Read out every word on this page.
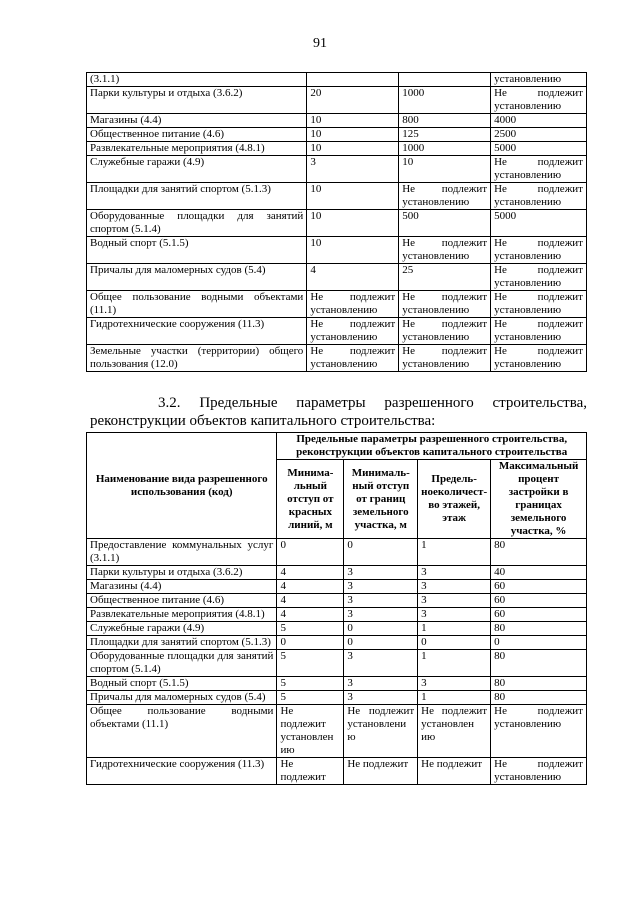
91
(3.1.1)			установлению
Парки культуры и отдыха (3.6.2)	20	1000	Не подлежит установлению
Магазины (4.4)	10	800	4000
Общественное питание (4.6)	10	125	2500
Развлекательные мероприятия (4.8.1)	10	1000	5000
Служебные гаражи (4.9)	3	10	Не подлежит установлению
Площадки для занятий спортом (5.1.3)	10	Не подлежит установлению	Не подлежит установлению
Оборудованные площадки для занятий спортом (5.1.4)	10	500	5000
Водный спорт (5.1.5)	10	Не подлежит установлению	Не подлежит установлению
Причалы для маломерных судов (5.4)	4	25	Не подлежит установлению
Общее пользование водными объектами (11.1)	Не подлежит установлению	Не подлежит установлению	Не подлежит установлению
Гидротехнические сооружения (11.3)	Не подлежит установлению	Не подлежит установлению	Не подлежит установлению
Земельные участки (территории) общего пользования (12.0)	Не подлежит установлению	Не подлежит установлению	Не подлежит установлению
3.2. Предельные параметры разрешенного строительства,
реконструкции объектов капитального строительства:
Наименование вида разрешенного использования (код)	Предельные параметры разрешенного строительства, реконструкции объектов капитального строительства			
	Минима-льный отступ от красных линий, м	Минималь-ный отступ от границ земельного участка, м	Предель-ноеколичест-во этажей, этаж	Максимальный процент застройки в границах земельного участка, %
Предоставление коммунальных услуг (3.1.1)	0	0	1	80
Парки культуры и отдыха (3.6.2)	4	3	3	40
Магазины (4.4)	4	3	3	60
Общественное питание (4.6)	4	3	3	60
Развлекательные мероприятия (4.8.1)	4	3	3	60
Служебные гаражи (4.9)	5	0	1	80
Площадки для занятий спортом (5.1.3)	0	0	0	0
Оборудованные площадки для занятий спортом (5.1.4)	5	3	1	80
Водный спорт (5.1.5)	5	3	3	80
Причалы для маломерных судов (5.4)	5	3	1	80
Общее пользование водными объектами (11.1)	Не подлежит установлен ию	Не подлежит установлени ю	Не подлежит установлен ию	Не подлежит установлению
Гидротехнические сооружения (11.3)	Не подлежит	Не подлежит	Не подлежит	Не подлежит установлению
